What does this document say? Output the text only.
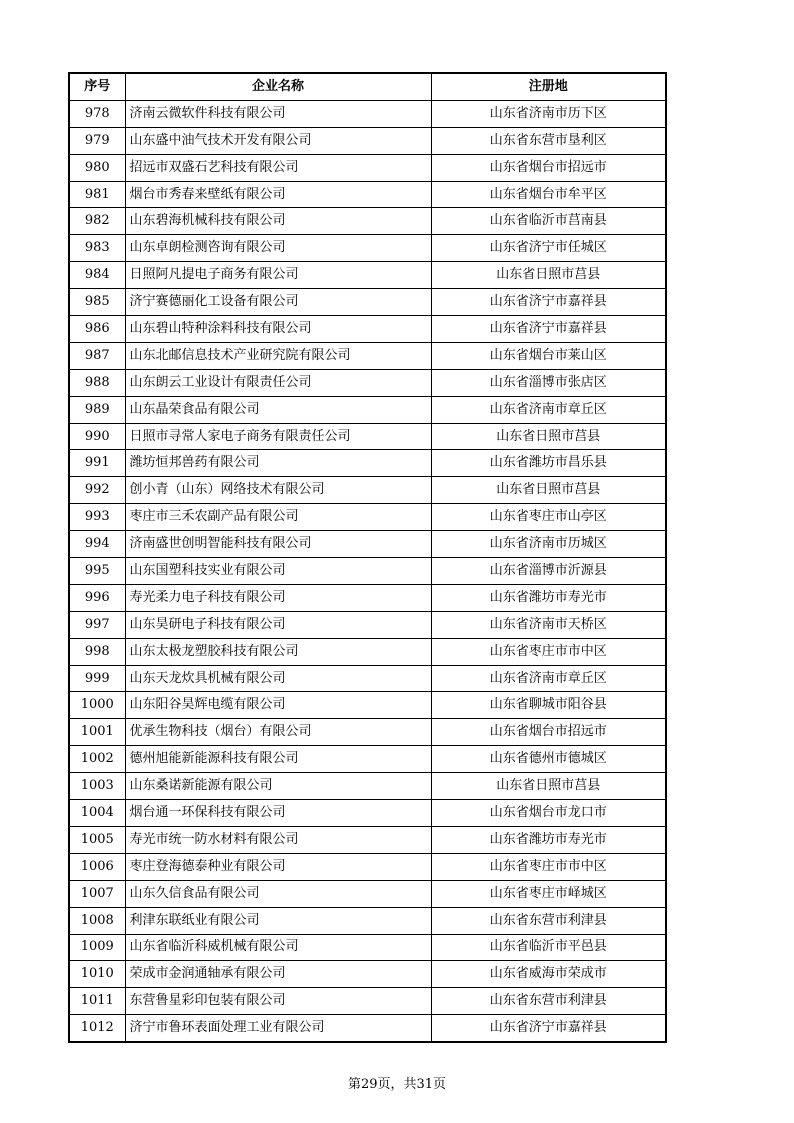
序号	企业名称	注册地
978	济南云微软件科技有限公司	山东省济南市历下区
979	山东盛中油气技术开发有限公司	山东省东营市垦利区
980	招远市双盛石艺科技有限公司	山东省烟台市招远市
981	烟台市秀春来壁纸有限公司	山东省烟台市牟平区
982	山东碧海机械科技有限公司	山东省临沂市莒南县
983	山东卓朗检测咨询有限公司	山东省济宁市任城区
984	日照阿凡提电子商务有限公司	山东省日照市莒县
985	济宁赛德丽化工设备有限公司	山东省济宁市嘉祥县
986	山东碧山特种涂料科技有限公司	山东省济宁市嘉祥县
987	山东北邮信息技术产业研究院有限公司	山东省烟台市莱山区
988	山东朗云工业设计有限责任公司	山东省淄博市张店区
989	山东晶荣食品有限公司	山东省济南市章丘区
990	日照市寻常人家电子商务有限责任公司	山东省日照市莒县
991	潍坊恒邦兽药有限公司	山东省潍坊市昌乐县
992	创小青（山东）网络技术有限公司	山东省日照市莒县
993	枣庄市三禾农副产品有限公司	山东省枣庄市山亭区
994	济南盛世创明智能科技有限公司	山东省济南市历城区
995	山东国塑科技实业有限公司	山东省淄博市沂源县
996	寿光柔力电子科技有限公司	山东省潍坊市寿光市
997	山东昊研电子科技有限公司	山东省济南市天桥区
998	山东太极龙塑胶科技有限公司	山东省枣庄市市中区
999	山东天龙炊具机械有限公司	山东省济南市章丘区
1000	山东阳谷昊辉电缆有限公司	山东省聊城市阳谷县
1001	优承生物科技（烟台）有限公司	山东省烟台市招远市
1002	德州旭能新能源科技有限公司	山东省德州市德城区
1003	山东桑诺新能源有限公司	山东省日照市莒县
1004	烟台通一环保科技有限公司	山东省烟台市龙口市
1005	寿光市统一防水材料有限公司	山东省潍坊市寿光市
1006	枣庄登海德泰种业有限公司	山东省枣庄市市中区
1007	山东久信食品有限公司	山东省枣庄市峄城区
1008	利津东联纸业有限公司	山东省东营市利津县
1009	山东省临沂科威机械有限公司	山东省临沂市平邑县
1010	荣成市金润通轴承有限公司	山东省威海市荣成市
1011	东营鲁星彩印包装有限公司	山东省东营市利津县
1012	济宁市鲁环表面处理工业有限公司	山东省济宁市嘉祥县
第29页，共31页
